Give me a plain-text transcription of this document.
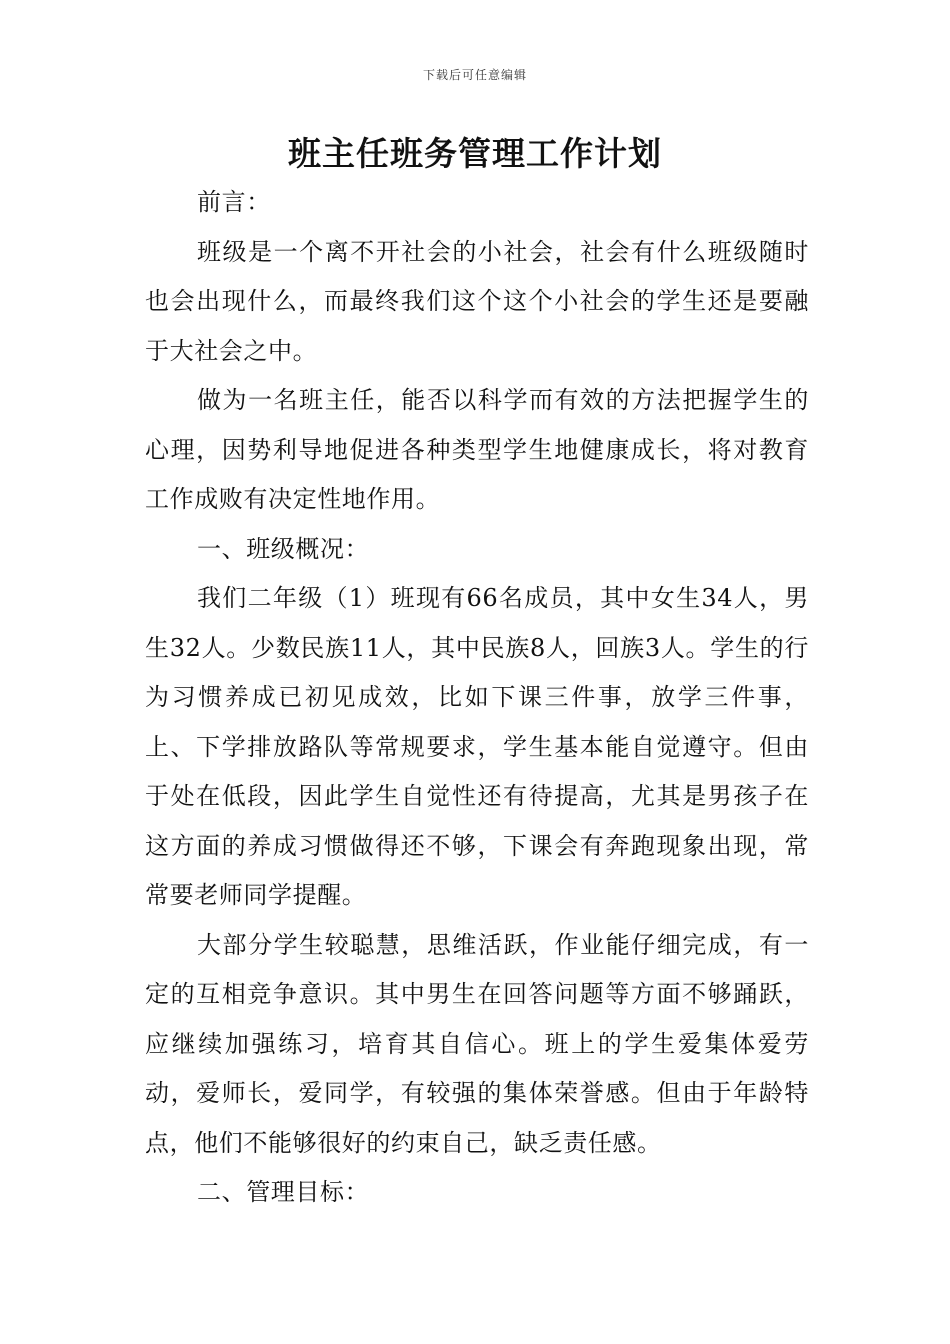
下载后可任意编辑
班主任班务管理工作计划

前言：

班级是一个离不开社会的小社会，社会有什么班级随时也会出现什么，而最终我们这个这个小社会的学生还是要融于大社会之中。

做为一名班主任，能否以科学而有效的方法把握学生的心理，因势利导地促进各种类型学生地健康成长，将对教育工作成败有决定性地作用。

一、班级概况：

我们二年级（1）班现有66名成员，其中女生34人，男生32人。少数民族11人，其中民族8人，回族3人。学生的行为习惯养成已初见成效，比如下课三件事，放学三件事，上、下学排放路队等常规要求，学生基本能自觉遵守。但由于处在低段，因此学生自觉性还有待提高，尤其是男孩子在这方面的养成习惯做得还不够，下课会有奔跑现象出现，常常要老师同学提醒。

大部分学生较聪慧，思维活跃，作业能仔细完成，有一定的互相竞争意识。其中男生在回答问题等方面不够踊跃，应继续加强练习，培育其自信心。班上的学生爱集体爱劳动，爱师长，爱同学，有较强的集体荣誉感。但由于年龄特点，他们不能够很好的约束自己，缺乏责任感。

二、管理目标：
